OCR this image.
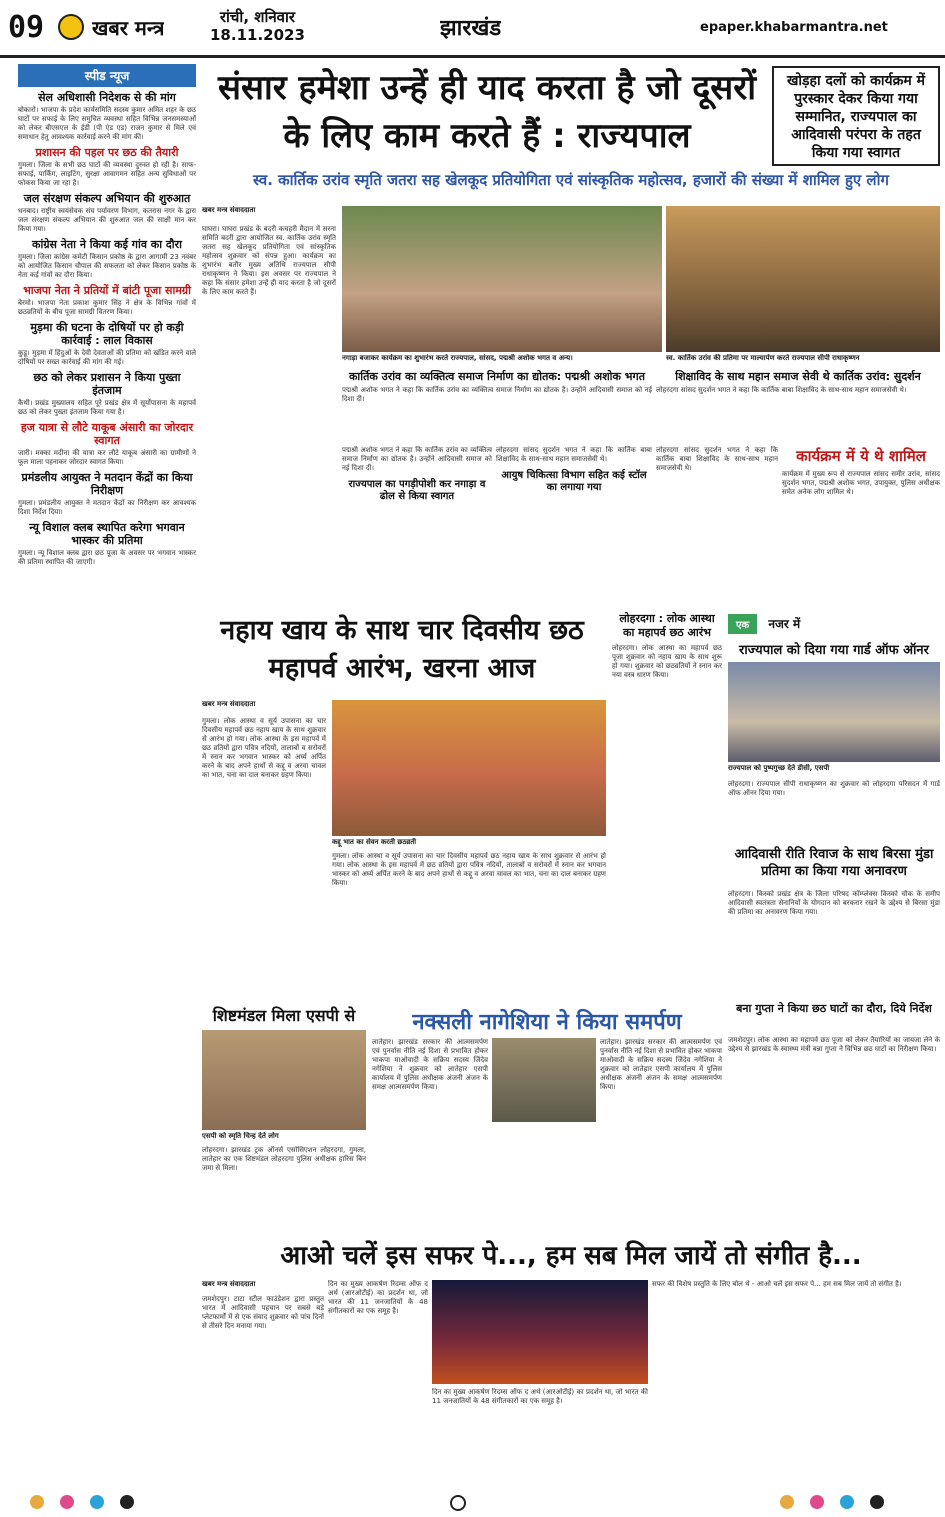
09 खबर मन्त्र	रांची, शनिवार
18.11.2023	झारखंड	epaper.khabarmantra.net
स्पीड न्यूज
सेल अधिशासी निदेशक से की मांग
बोकारो। भाजपा के प्रदेश कार्यसमिति सदस्य कुमार अमित शहर के छठ घाटों पर सफाई के लिए समुचित व्यवस्था सहित विभिन्न जनसमस्याओं को लेकर बीएसएल के ईडी (पी एंड एड) राजन कुमार से मिले एवं समाधान हेतु आवश्यक कार्रवाई करने की मांग की।
प्रशासन की पहल पर छठ की तैयारी
गुमला। जिला के सभी छठ घाटों की व्यवस्था दुरुस्त हो रही है। साफ-सफाई, पार्किंग, लाइटिंग, सुरक्षा आवागमन सहित अन्य सुविधाओं पर फोकस किया जा रहा है।
जल संरक्षण संकल्प अभियान की शुरुआत
धनबाद। राष्ट्रीय स्वयंसेवक संघ पर्यावरण विभाग, कतरास नगर के द्वारा जल संरक्षण संकल्प अभियान की शुरुआत जल की साक्षी मान कर किया गया।
कांग्रेस नेता ने किया कई गांव का दौरा
गुमला। जिला कांग्रेस कमेटी किसान प्रकोष्ठ के द्वारा आगामी 23 नवंबर को आयोजित किसान चौपाल की सफलता को लेकर किसान प्रकोष्ठ के नेता कई गांवों का दौरा किया।
भाजपा नेता ने प्रतियों में बांटी पूजा सामग्री
बेरमो। भाजपा नेता प्रकाश कुमार सिंह ने क्षेत्र के विभिन्न गांवों में छठव्रतियों के बीच पूजा सामग्री वितरण किया।
मुड़मा की घटना के दोषियों पर हो कड़ी कार्रवाई : लाल विकास
कुडू। मुड़मा में हिंदुओं के देवी देवताओं की प्रतिमा को खंडित करने वाले दोषियों पर सख्त कार्रवाई की मांग की गई।
छठ को लेकर प्रशासन ने किया पुख्ता इंतजाम
कैथी। प्रखंड मुख्यालय सहित पूरे प्रखंड क्षेत्र में सूर्योपासना के महापर्व छठ को लेकर पुख्ता इंतजाम किया गया है।
हज यात्रा से लौटे याकूब अंसारी का जोरदार स्वागत
जारी। मक्का मदीना की यात्रा कर लौटे याकूब अंसारी का ग्रामीणों ने फूल माला पहनाकर जोरदार स्वागत किया।
प्रमंडलीय आयुक्त ने मतदान केंद्रों का किया निरीक्षण
गुमला। प्रमंडलीय आयुक्त ने मतदान केंद्रों का निरीक्षण कर आवश्यक दिशा निर्देश दिया।
न्यू विशाल क्लब स्थापित करेगा भगवान भास्कर की प्रतिमा
गुमला। न्यू विशाल क्लब द्वारा छठ पूजा के अवसर पर भगवान भास्कर की प्रतिमा स्थापित की जाएगी।
संसार हमेशा उन्हें ही याद करता है जो दूसरों के लिए काम करते हैं : राज्यपाल
खोड़हा दलों को कार्यक्रम में पुरस्कार देकर किया गया सम्मानित, राज्यपाल का आदिवासी परंपरा के तहत किया गया स्वागत
स्व. कार्तिक उरांव स्मृति जतरा सह खेलकूद प्रतियोगिता एवं सांस्कृतिक महोत्सव, हजारों की संख्या में शामिल हुए लोग
खबर मन्त्र संवाददाता
घाघरा। घाघरा प्रखंड के बदरी कचहरी मैदान में सरना समिति बदरी द्वारा आयोजित स्व. कार्तिक उरांव स्मृति जतरा सह खेलकूद प्रतियोगिता एवं सांस्कृतिक महोत्सव शुक्रवार को संपन्न हुआ। कार्यक्रम का शुभारंभ बतौर मुख्य अतिथि राज्यपाल सीपी राधाकृष्णन ने किया। इस अवसर पर राज्यपाल ने कहा कि संसार हमेशा उन्हें ही याद करता है जो दूसरों के लिए काम करते हैं।
नगाड़ा बजाकर कार्यक्रम का शुभारंभ करते राज्यपाल, सांसद, पद्मश्री अशोक भगत व अन्य।	स्व. कार्तिक उरांव की प्रतिमा पर माल्यार्पण करते राज्यपाल सीपी राधाकृष्णन
कार्तिक उरांव का व्यक्तित्व समाज निर्माण का द्योतक: पद्मश्री अशोक भगत
पद्मश्री अशोक भगत ने कहा कि कार्तिक उरांव का व्यक्तित्व समाज निर्माण का द्योतक है। उन्होंने आदिवासी समाज को नई दिशा दी।
शिक्षाविद के साथ महान समाज सेवी थे कार्तिक उरांव: सुदर्शन
लोहरदगा सांसद सुदर्शन भगत ने कहा कि कार्तिक बाबा शिक्षाविद के साथ-साथ महान समाजसेवी थे।
पद्मश्री अशोक भगत ने कहा कि कार्तिक उरांव का व्यक्तित्व समाज निर्माण का द्योतक है। उन्होंने आदिवासी समाज को नई दिशा दी।
राज्यपाल का पगड़ीपोशी कर नगाड़ा व ढोल से किया स्वागत
लोहरदगा सांसद सुदर्शन भगत ने कहा कि कार्तिक बाबा शिक्षाविद के साथ-साथ महान समाजसेवी थे।
आयुष चिकित्सा विभाग सहित कई स्टॉल का लगाया गया
लोहरदगा सांसद सुदर्शन भगत ने कहा कि कार्तिक बाबा शिक्षाविद के साथ-साथ महान समाजसेवी थे।
कार्यक्रम में ये थे शामिल
कार्यक्रम में मुख्य रूप से राज्यपाल सांसद समीर उरांव, सांसद सुदर्शन भगत, पद्मश्री अशोक भगत, उपायुक्त, पुलिस अधीक्षक समेत अनेक लोग शामिल थे।
नहाय खाय के साथ चार दिवसीय छठ महापर्व आरंभ, खरना आज
खबर मन्त्र संवाददाता
गुमला। लोक आस्था व सूर्य उपासना का चार दिवसीय महापर्व छठ नहाय खाय के साथ शुक्रवार से आरंभ हो गया। लोक आस्था के इस महापर्व में छठ व्रतियों द्वारा पवित्र नदियों, तालाबों व सरोवरों में स्नान कर भगवान भास्कर को अर्घ्य अर्पित करने के बाद अपने हाथों से कद्दू व अरवा चावल का भात, चना का दाल बनाकर ग्रहण किया।
कद्दू भात का सेवन करती छठव्रती
गुमला। लोक आस्था व सूर्य उपासना का चार दिवसीय महापर्व छठ नहाय खाय के साथ शुक्रवार से आरंभ हो गया। लोक आस्था के इस महापर्व में छठ व्रतियों द्वारा पवित्र नदियों, तालाबों व सरोवरों में स्नान कर भगवान भास्कर को अर्घ्य अर्पित करने के बाद अपने हाथों से कद्दू व अरवा चावल का भात, चना का दाल बनाकर ग्रहण किया।
लोहरदगा : लोक आस्था का महापर्व छठ आरंभ
लोहरदगा। लोक आस्था का महापर्व छठ पूजा शुक्रवार को नहाय खाय के साथ शुरू हो गया। शुक्रवार को छठव्रतियों ने स्नान कर नया वस्त्र धारण किया।
एक नजर में
राज्यपाल को दिया गया गार्ड ऑफ ऑनर
राज्यपाल को पुष्पगुच्छ देते डीसी, एसपी
लोहरदगा। राज्यपाल सीपी राधाकृष्णन का शुक्रवार को लोहरदगा परिसदन में गार्ड ऑफ ऑनर दिया गया।
आदिवासी रीति रिवाज के साथ बिरसा मुंडा प्रतिमा का किया गया अनावरण
लोहरदगा। किस्को प्रखंड क्षेत्र के जिला परिषद कॉम्प्लेक्स किस्को चौक के समीप आदिवासी स्वतंत्रता सेनानियों के योगदान को बरकरार रखने के उद्देश्य से बिरसा मुंडा की प्रतिमा का अनावरण किया गया।
बना गुप्ता ने किया छठ घाटों का दौरा, दिये निर्देश
जमशेदपुर। लोक आस्था का महापर्व छठ पूजा को लेकर तैयारियों का जायजा लेने के उद्देश्य से झारखंड के स्वास्थ्य मंत्री बन्ना गुप्ता ने विभिन्न छठ घाटों का निरीक्षण किया।
शिष्टमंडल मिला एसपी से
एसपी को स्मृति चिन्ह देते लोग
लोहरदगा। झारखंड ट्रक ऑनर्स एसोसिएशन लोहरदगा, गुमला, लातेहार का एक शिष्टमंडल लोहरदगा पुलिस अधीक्षक हारिस बिन जमा से मिला।
नक्सली नागेशिया ने किया समर्पण
लातेहार। झारखंड सरकार की आत्मसमर्पण एवं पुनर्वास नीति नई दिशा से प्रभावित होकर भाकपा माओवादी के सक्रिय सदस्य जिंदेव नगेशिया ने शुक्रवार को लातेहार एसपी कार्यालय में पुलिस अधीक्षक अंजनी अंजन के समक्ष आत्मसमर्पण किया।
लातेहार। झारखंड सरकार की आत्मसमर्पण एवं पुनर्वास नीति नई दिशा से प्रभावित होकर भाकपा माओवादी के सक्रिय सदस्य जिंदेव नगेशिया ने शुक्रवार को लातेहार एसपी कार्यालय में पुलिस अधीक्षक अंजनी अंजन के समक्ष आत्मसमर्पण किया।
आओ चलें इस सफर पे..., हम सब मिल जायें तो संगीत है...
खबर मन्त्र संवाददाता
जमशेदपुर। टाटा स्टील फाउंडेशन द्वारा प्रस्तुत भारत में आदिवासी पहचान पर सबसे बड़े प्लेटफार्मों में से एक संवाद शुक्रवार को पांच दिनों से तीसरे दिन मनाया गया।
दिन का मुख्य आकर्षण रिदम्स ऑफ द अर्थ (आरओटीई) का प्रदर्शन था, जो भारत की 11 जनजातियों के 48 संगीतकारों का एक समूह है।
दिन का मुख्य आकर्षण रिदम्स ऑफ द अर्थ (आरओटीई) का प्रदर्शन था, जो भारत की 11 जनजातियों के 48 संगीतकारों का एक समूह है।
सफर की विशेष प्रस्तुति के लिए बोल थे - आओ चलें इस सफर पे... हम सब मिल जायें तो संगीत है।
